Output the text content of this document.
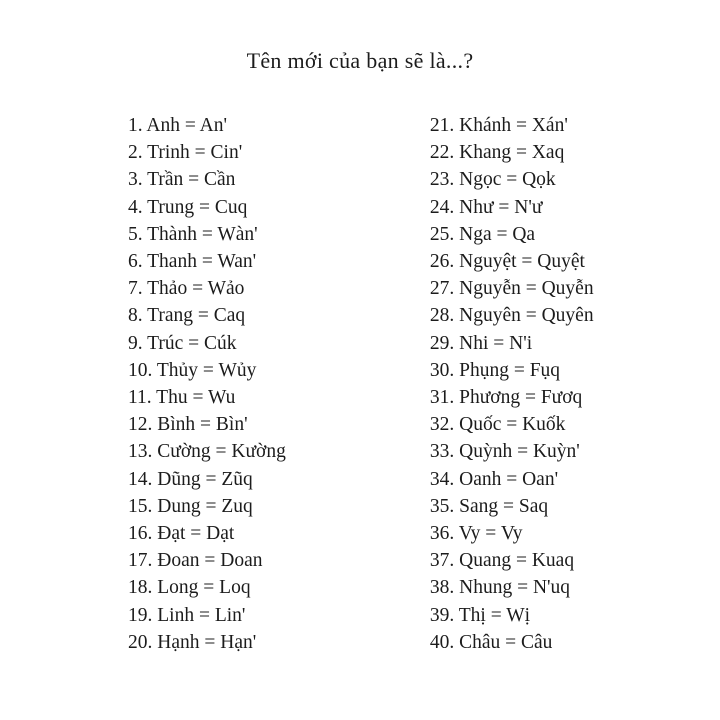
Tên mới của bạn sẽ là...?
1. Anh = An'
2. Trinh = Cin'
3. Trần = Cần
4. Trung = Cuq
5. Thành = Wàn'
6. Thanh = Wan'
7. Thảo = Wảo
8. Trang = Caq
9. Trúc = Cúk
10. Thủy = Wủy
11. Thu = Wu
12. Bình = Bìn'
13. Cường = Kường
14. Dũng = Zũq
15. Dung = Zuq
16. Đạt = Dạt
17. Đoan = Doan
18. Long = Loq
19. Linh = Lin'
20. Hạnh = Hạn'
21. Khánh = Xán'
22. Khang = Xaq
23. Ngọc = Qọk
24. Như = N'ư
25. Nga = Qa
26. Nguyệt = Quyệt
27. Nguyễn = Quyễn
28. Nguyên = Quyên
29. Nhi = N'i
30. Phụng = Fụq
31. Phương = Fươq
32. Quốc = Kuốk
33. Quỳnh = Kuỳn'
34. Oanh = Oan'
35. Sang = Saq
36. Vy = Vy
37. Quang = Kuaq
38. Nhung = N'uq
39. Thị = Wị
40. Châu = Câu
